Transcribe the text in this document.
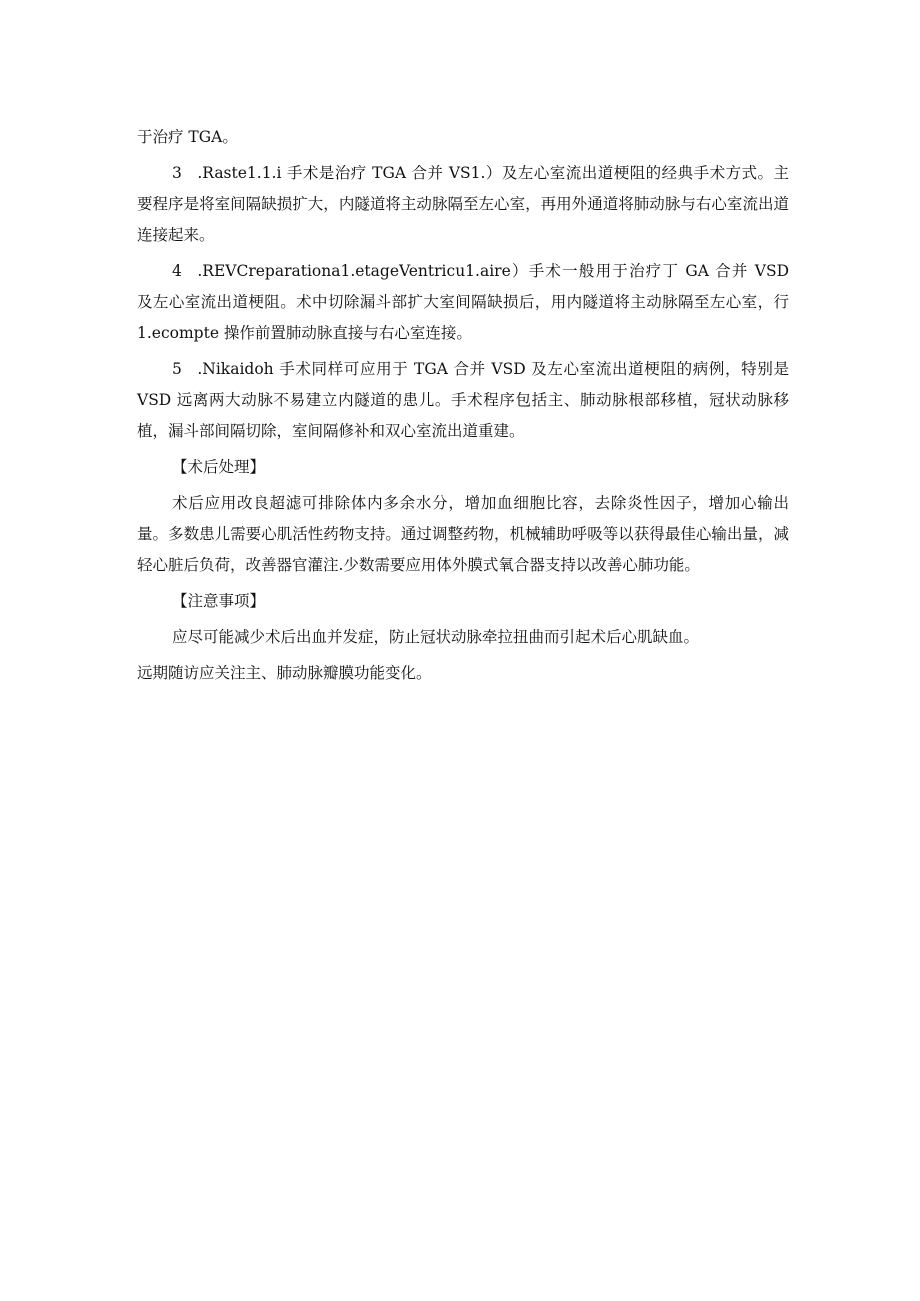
于治疗 TGA。

3 .Raste1.1.i 手术是治疗 TGA 合并 VS1.）及左心室流出道梗阻的经典手术方式。主要程序是将室间隔缺损扩大，内隧道将主动脉隔至左心室，再用外通道将肺动脉与右心室流出道连接起来。

4 .REVCreparationa1.etageVentricu1.aire）手术一般用于治疗丁 GA 合并 VSD 及左心室流出道梗阻。术中切除漏斗部扩大室间隔缺损后，用内隧道将主动脉隔至左心室，行 1.ecompte 操作前置肺动脉直接与右心室连接。

5 .Nikaidoh 手术同样可应用于 TGA 合并 VSD 及左心室流出道梗阻的病例，特别是 VSD 远离两大动脉不易建立内隧道的患儿。手术程序包括主、肺动脉根部移植，冠状动脉移植，漏斗部间隔切除，室间隔修补和双心室流出道重建。

【术后处理】

术后应用改良超滤可排除体内多余水分，增加血细胞比容，去除炎性因子，增加心输出量。多数患儿需要心肌活性药物支持。通过调整药物，机械辅助呼吸等以获得最佳心输出量，减轻心脏后负荷，改善器官灌注.少数需要应用体外膜式氧合器支持以改善心肺功能。

【注意事项】

应尽可能减少术后出血并发症，防止冠状动脉牵拉扭曲而引起术后心肌缺血。

远期随访应关注主、肺动脉瓣膜功能变化。
